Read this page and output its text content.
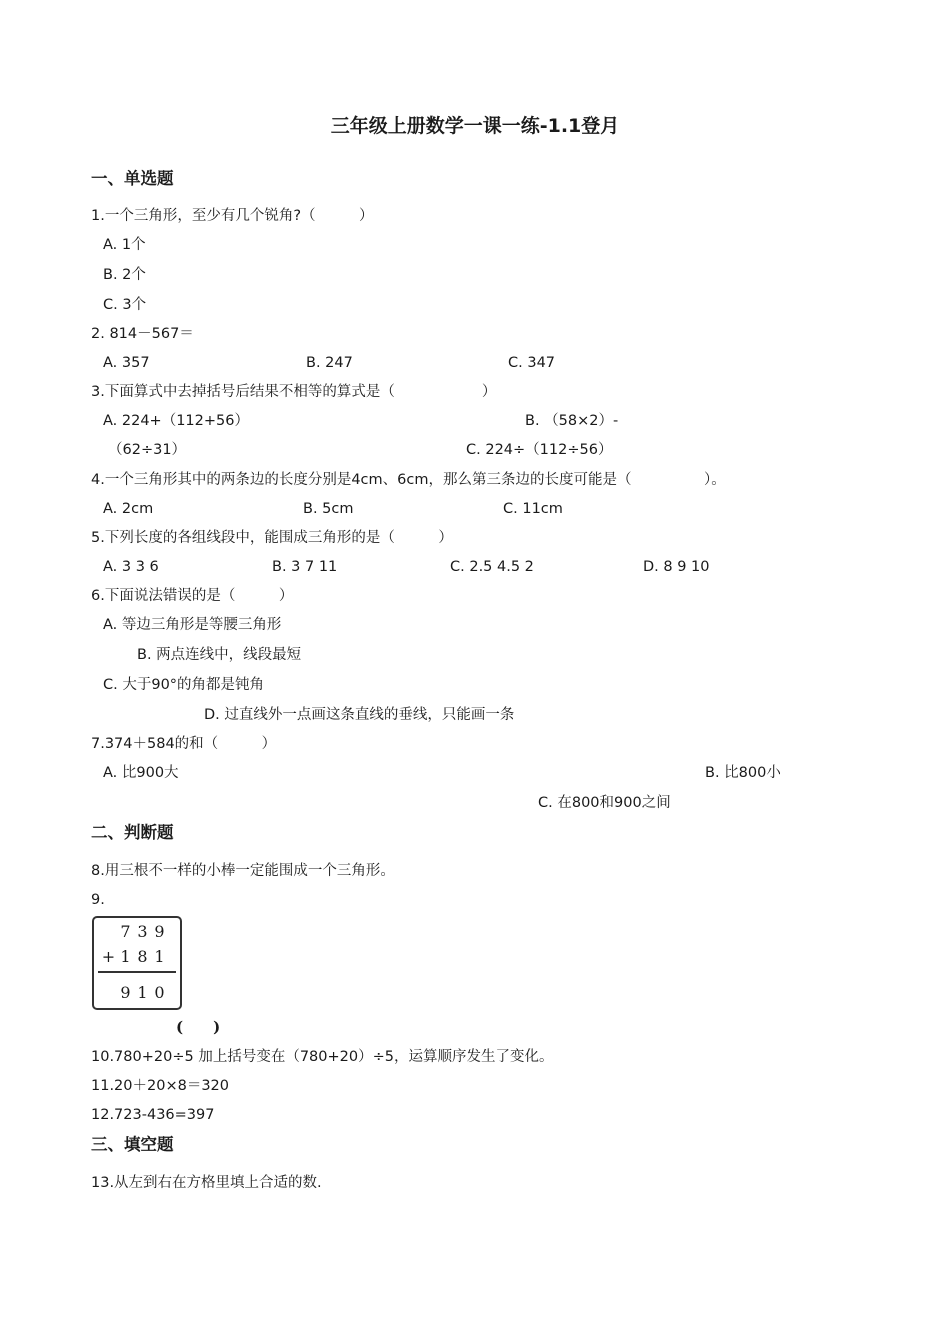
三年级上册数学一课一练-1.1登月
一、单选题
1.一个三角形，至少有几个锐角?（　　　）
A. 1个
B. 2个
C. 3个
2. 814－567＝
A. 357	B. 247	C. 347
3.下面算式中去掉括号后结果不相等的算式是（　　　　　　）
A. 224+（112+56）	B. （58×2）-
（62÷31）	C. 224÷（112÷56）
4.一个三角形其中的两条边的长度分别是4cm、6cm，那么第三条边的长度可能是（　　　　　）。
A. 2cm	B. 5cm	C. 11cm
5.下列长度的各组线段中，能围成三角形的是（　　　）
A. 3 3 6	B. 3 7 11	C. 2.5 4.5 2	D. 8 9 10
6.下面说法错误的是（　　　）
A. 等边三角形是等腰三角形
B. 两点连线中，线段最短
C. 大于90°的角都是钝角
D. 过直线外一点画这条直线的垂线，只能画一条
7.374＋584的和（　　　）
A. 比900大	B. 比800小
C. 在800和900之间
二、判断题
8.用三根不一样的小棒一定能围成一个三角形。
9.
7 3 9
+ 1 8 1
9 1 0
(　　)
10.780+20÷5 加上括号变在（780+20）÷5，运算顺序发生了变化。
11.20＋20×8＝320
12.723-436=397
三、填空题
13.从左到右在方格里填上合适的数.
